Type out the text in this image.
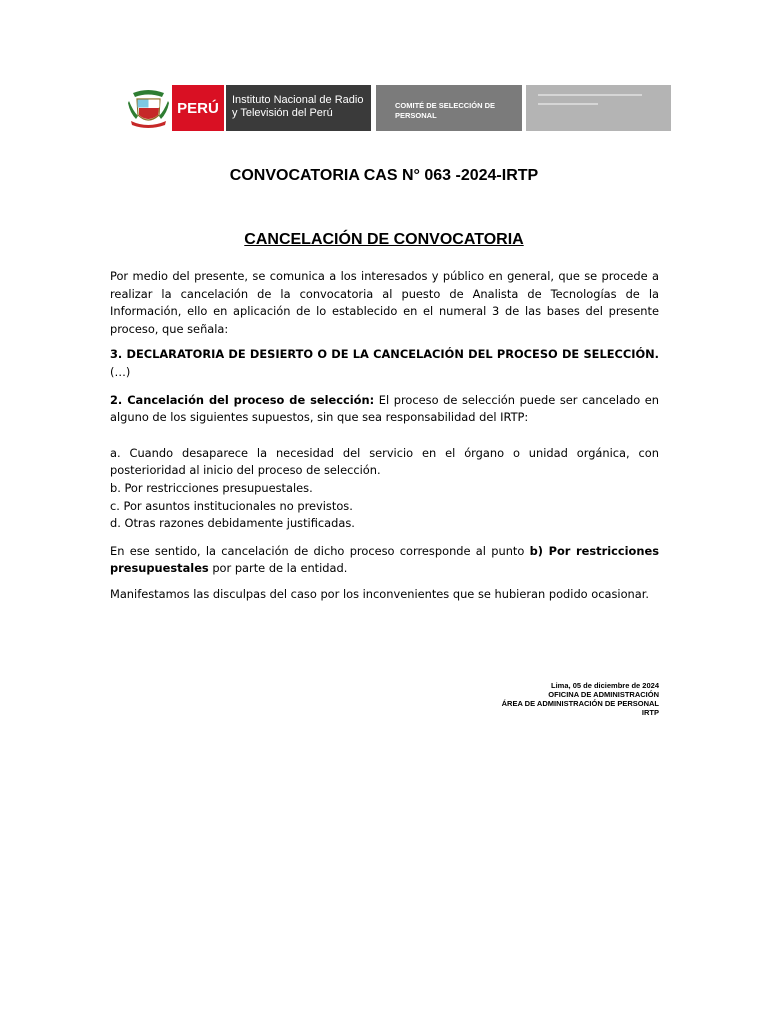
PERÚ	Instituto Nacional de Radio
y Televisión del Perú
COMITÉ DE SELECCIÓN DE
PERSONAL
CONVOCATORIA CAS N° 063 -2024-IRTP
CANCELACIÓN DE CONVOCATORIA

Por medio del presente, se comunica a los interesados y público en general, que se procede a realizar la cancelación de la convocatoria al puesto de Analista de Tecnologías de la Información, ello en aplicación de lo establecido en el numeral 3 de las bases del presente proceso, que señala:

3. DECLARATORIA DE DESIERTO O DE LA CANCELACIÓN DEL PROCESO DE SELECCIÓN. (…)

2. Cancelación del proceso de selección: El proceso de selección puede ser cancelado en alguno de los siguientes supuestos, sin que sea responsabilidad del IRTP:

a. Cuando desaparece la necesidad del servicio en el órgano o unidad orgánica, con posterioridad al inicio del proceso de selección.

b. Por restricciones presupuestales.

c. Por asuntos institucionales no previstos.

d. Otras razones debidamente justificadas.

En ese sentido, la cancelación de dicho proceso corresponde al punto b) Por restricciones presupuestales por parte de la entidad.

Manifestamos las disculpas del caso por los inconvenientes que se hubieran podido ocasionar.

Lima, 05 de diciembre de 2024
OFICINA DE ADMINISTRACIÓN
ÁREA DE ADMINISTRACIÓN DE PERSONAL
IRTP
